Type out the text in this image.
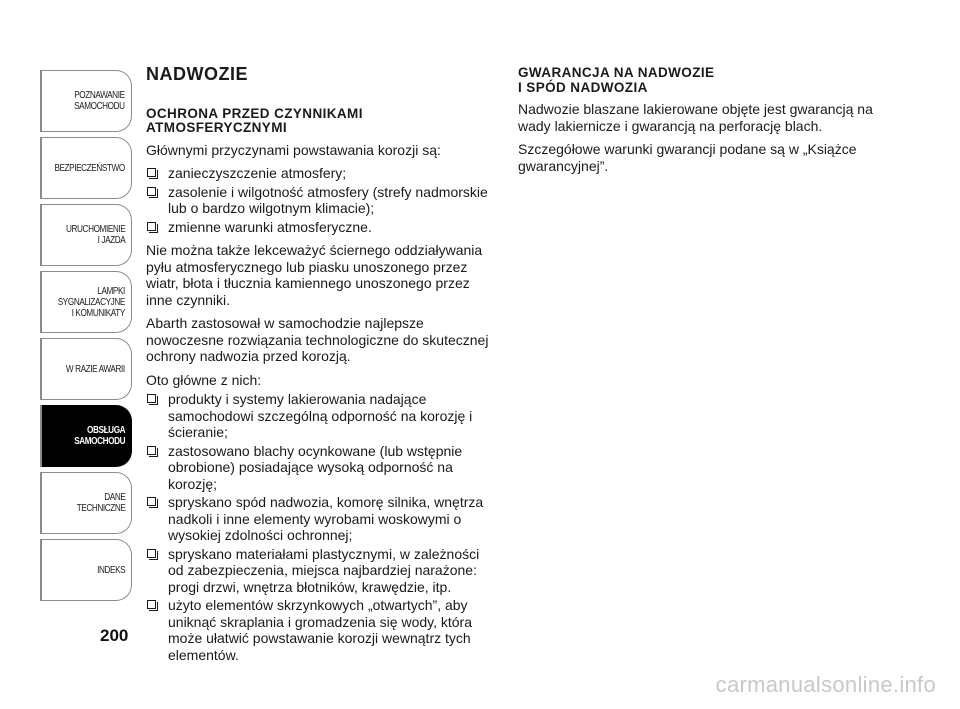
POZNAWANIE
SAMOCHODU
BEZPIECZEŃSTWO
URUCHOMIENIE
I JAZDA
LAMPKI
SYGNALIZACYJNE
I KOMUNIKATY
W RAZIE AWARII
OBSŁUGA
SAMOCHODU
DANE
TECHNICZNE
INDEKS
200
NADWOZIE
OCHRONA PRZED CZYNNIKAMI
ATMOSFERYCZNYMI

Głównymi przyczynami powstawania korozji są:

zanieczyszczenie atmosfery;
zasolenie i wilgotność atmosfery (strefy nadmorskie lub o bardzo wilgotnym klimacie);
zmienne warunki atmosferyczne.

Nie można także lekceważyć ściernego oddziaływania pyłu atmosferycznego lub piasku unoszonego przez wiatr, błota i tłucznia kamiennego unoszonego przez inne czynniki.

Abarth zastosował w samochodzie najlepsze nowoczesne rozwiązania technologiczne do skutecznej ochrony nadwozia przed korozją.

Oto główne z nich:

produkty i systemy lakierowania nadające samochodowi szczególną odporność na korozję i ścieranie;
zastosowano blachy ocynkowane (lub wstępnie obrobione) posiadające wysoką odporność na korozję;
spryskano spód nadwozia, komorę silnika, wnętrza nadkoli i inne elementy wyrobami woskowymi o wysokiej zdolności ochronnej;
spryskano materiałami plastycznymi, w zależności od zabezpieczenia, miejsca najbardziej narażone: progi drzwi, wnętrza błotników, krawędzie, itp.
użyto elementów skrzynkowych „otwartych”, aby uniknąć skraplania i gromadzenia się wody, która może ułatwić powstawanie korozji wewnątrz tych elementów.
GWARANCJA NA NADWOZIE
I SPÓD NADWOZIA

Nadwozie blaszane lakierowane objęte jest gwarancją na wady lakiernicze i gwarancją na perforację blach.

Szczegółowe warunki gwarancji podane są w „Książce gwarancyjnej”.

carmanualsonline.info
